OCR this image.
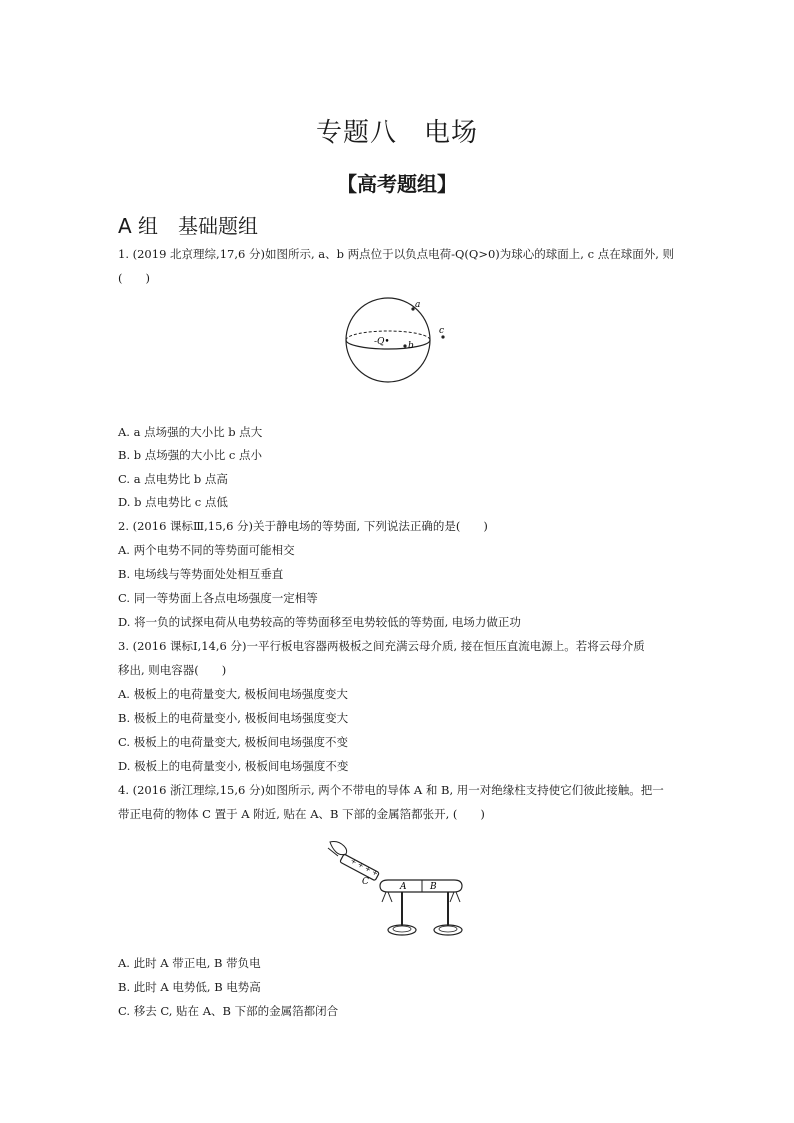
专题八　电场
【高考题组】
A 组　基础题组
1. (2019 北京理综,17,6 分)如图所示, a、b 两点位于以负点电荷-Q(Q>0)为球心的球面上, c 点在球面外, 则
(　　)
a
b
c
-Q•
A. a 点场强的大小比 b 点大
B. b 点场强的大小比 c 点小
C. a 点电势比 b 点高
D. b 点电势比 c 点低
2. (2016 课标Ⅲ,15,6 分)关于静电场的等势面, 下列说法正确的是(　　)
A. 两个电势不同的等势面可能相交
B. 电场线与等势面处处相互垂直
C. 同一等势面上各点电场强度一定相等
D. 将一负的试探电荷从电势较高的等势面移至电势较低的等势面, 电场力做正功
3. (2016 课标Ⅰ,14,6 分)一平行板电容器两极板之间充满云母介质, 接在恒压直流电源上。若将云母介质
移出, 则电容器(　　)
A. 极板上的电荷量变大, 极板间电场强度变大
B. 极板上的电荷量变小, 极板间电场强度变大
C. 极板上的电荷量变大, 极板间电场强度不变
D. 极板上的电荷量变小, 极板间电场强度不变
4. (2016 浙江理综,15,6 分)如图所示, 两个不带电的导体 A 和 B, 用一对绝缘柱支持使它们彼此接触。把一
带正电荷的物体 C 置于 A 附近, 贴在 A、B 下部的金属箔都张开, (　　)
+ + + +
C	A	B
A. 此时 A 带正电, B 带负电
B. 此时 A 电势低, B 电势高
C. 移去 C, 贴在 A、B 下部的金属箔都闭合
